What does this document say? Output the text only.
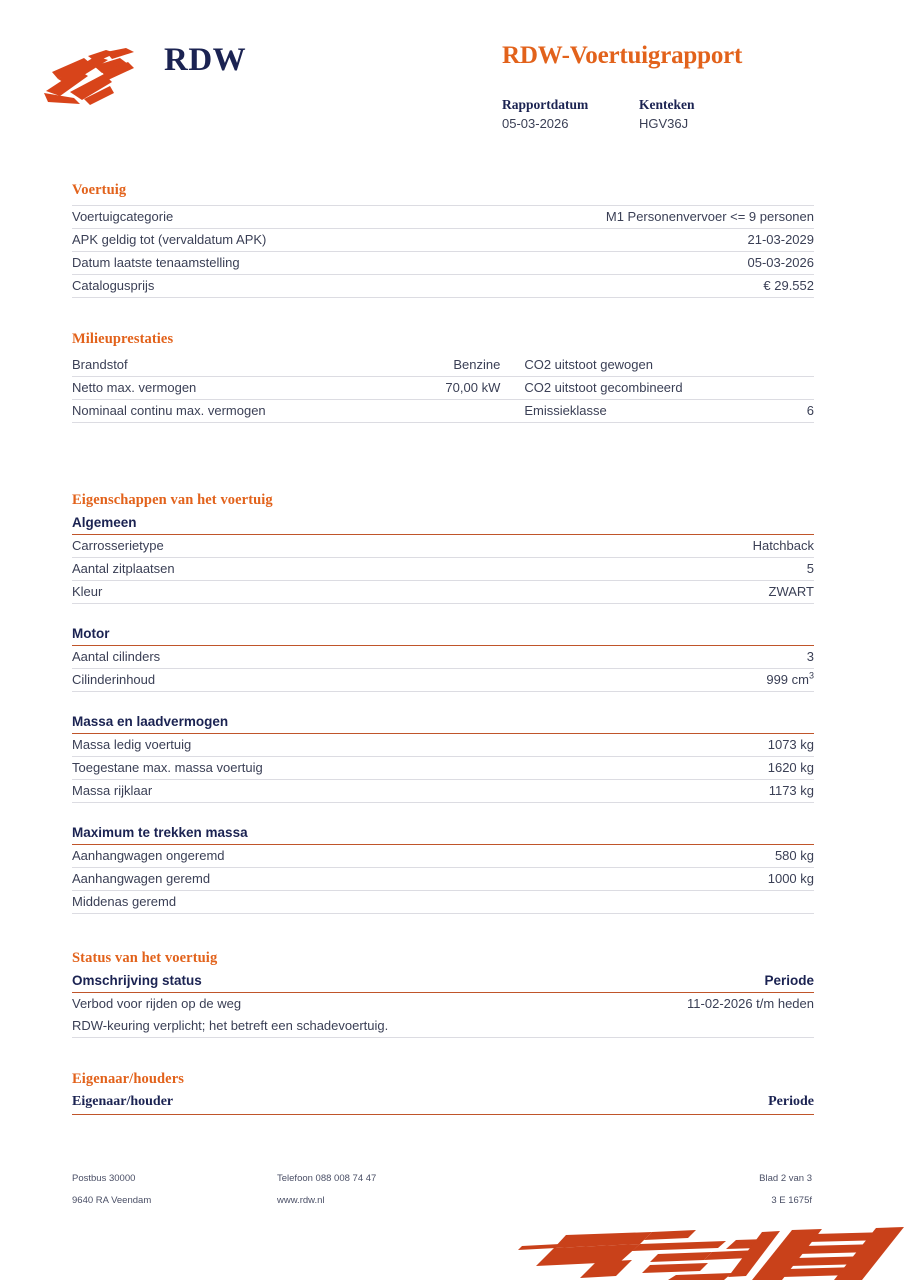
RDW	RDW-Voertuigrapport
Rapportdatum
05-03-2026
Kenteken
HGV36J
Voertuig
Voertuigcategorie	M1 Personenvervoer <= 9 personen
APK geldig tot (vervaldatum APK)	21-03-2029
Datum laatste tenaamstelling	05-03-2026
Catalogusprijs	€ 29.552
Milieuprestaties
Brandstof	Benzine	CO2 uitstoot gewogen	
Netto max. vermogen	70,00 kW	CO2 uitstoot gecombineerd	
Nominaal continu max. vermogen		Emissieklasse	6
Eigenschappen van het voertuig
Algemeen
Carrosserietype	Hatchback
Aantal zitplaatsen	5
Kleur	ZWART
Motor
Aantal cilinders	3
Cilinderinhoud	999 $cm^3$
Massa en laadvermogen
Massa ledig voertuig	1073 kg
Toegestane max. massa voertuig	1620 kg
Massa rijklaar	1173 kg
Maximum te trekken massa
Aanhangwagen ongeremd	580 kg
Aanhangwagen geremd	1000 kg
Middenas geremd	
Status van het voertuig
Omschrijving status	Periode
Verbod voor rijden op de weg	11-02-2026 t/m heden
RDW-keuring verplicht; het betreft een schadevoertuig.
Eigenaar/houders
Eigenaar/houder	Periode
Postbus 30000
9640 RA Veendam
Telefoon 088 008 74 47
www.rdw.nl
Blad 2 van 3
3 E 1675f
